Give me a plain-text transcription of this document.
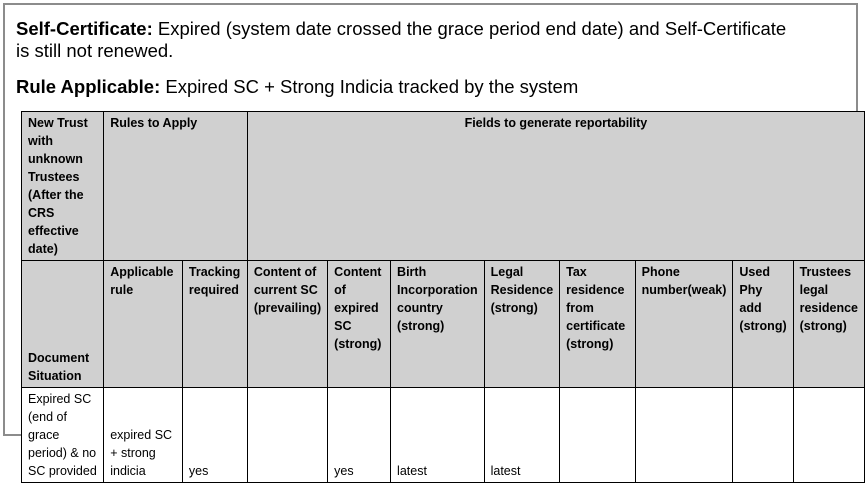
Self-Certificate: Expired (system date crossed the grace period end date) and Self-Certificate is still not renewed.
Rule Applicable: Expired SC + Strong Indicia tracked by the system
New Trust with unknown Trustees (After the CRS effective date)	Rules to Apply		Fields to generate reportability							
Document Situation	Applicable rule	Tracking required	Content of current SC (prevailing)	Content of expired SC (strong)	Birth Incorporation country (strong)	Legal Residence (strong)	Tax residence from certificate (strong)	Phone number(weak)	Used Phy add (strong)	Trustees legal residence (strong)
Expired SC (end of grace period) & no SC provided	expired SC + strong indicia	yes		yes	latest	latest				
